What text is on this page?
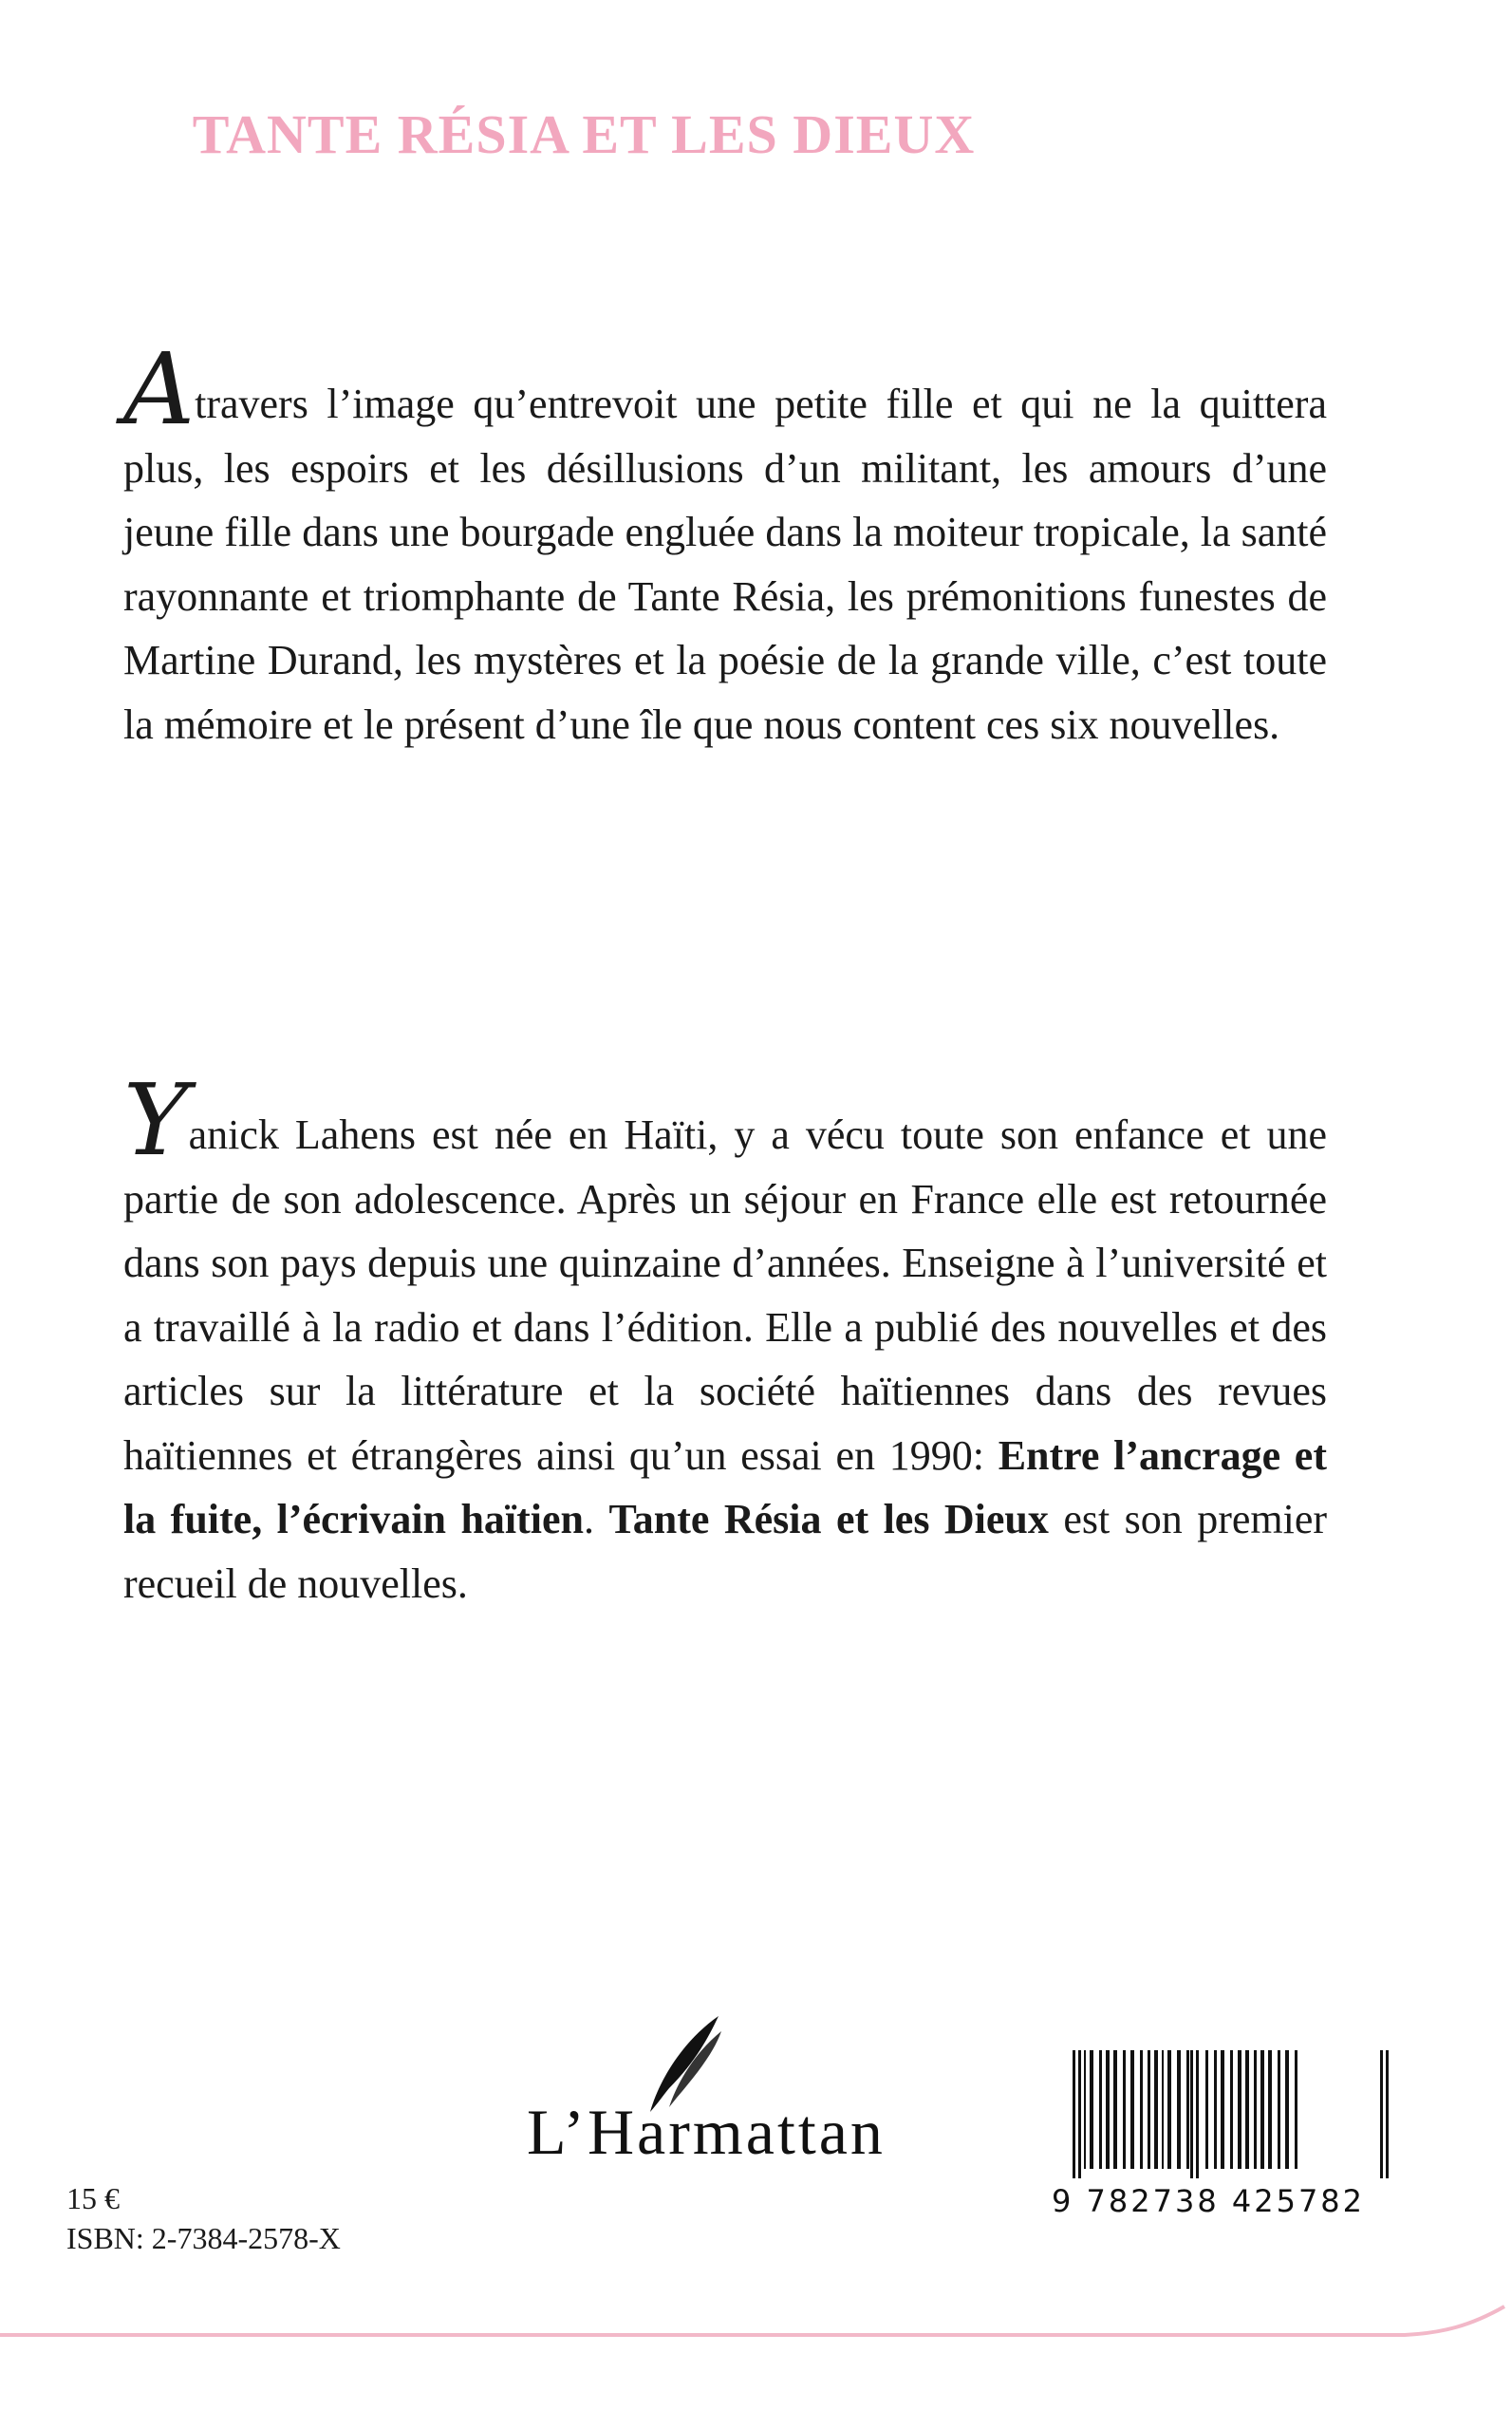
TANTE RÉSIA ET LES DIEUX

Atravers l’image qu’entrevoit une petite fille et qui ne la quittera plus, les espoirs et les désillusions d’un militant, les amours d’une jeune fille dans une bourgade engluée dans la moiteur tropicale, la santé rayonnante et triomphante de Tante Résia, les prémonitions funestes de Martine Durand, les mystères et la poésie de la grande ville, c’est toute la mémoire et le présent d’une île que nous content ces six nouvelles.

Yanick Lahens est née en Haïti, y a vécu toute son enfance et une partie de son adolescence. Après un séjour en France elle est retournée dans son pays depuis une quinzaine d’années. Enseigne à l’université et a travaillé à la radio et dans l’édition. Elle a publié des nouvelles et des articles sur la littérature et la société haïtiennes dans des revues haïtiennes et étrangères ainsi qu’un essai en 1990: Entre l’ancrage et la fuite, l’écrivain haïtien. Tante Résia et les Dieux est son premier recueil de nouvelles.

L’Harmattan
9 782738 425782
15 €
ISBN: 2-7384-2578-X
